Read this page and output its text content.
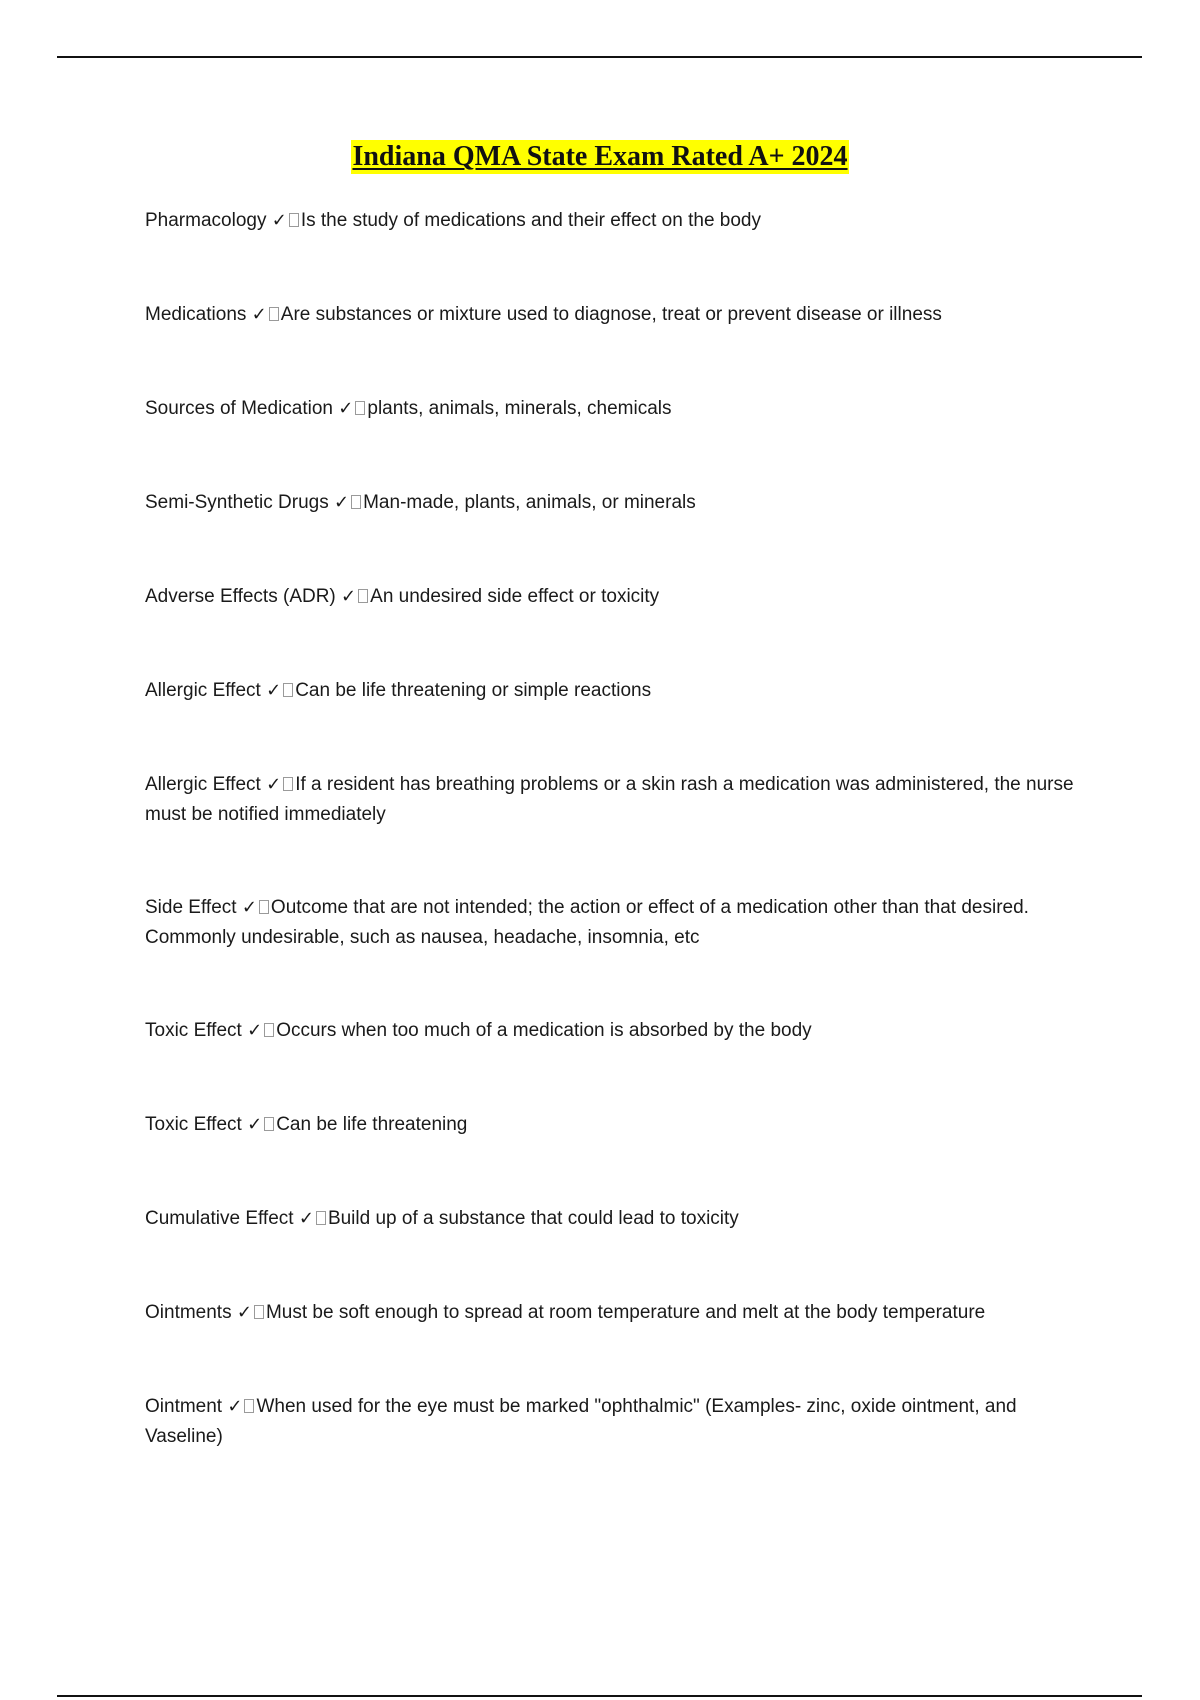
Indiana QMA State Exam Rated A+ 2024

Pharmacology ✓ Is the study of medications and their effect on the body

Medications ✓ Are substances or mixture used to diagnose, treat or prevent disease or illness

Sources of Medication ✓ plants, animals, minerals, chemicals

Semi-Synthetic Drugs ✓ Man-made, plants, animals, or minerals

Adverse Effects (ADR) ✓ An undesired side effect or toxicity

Allergic Effect ✓ Can be life threatening or simple reactions

Allergic Effect ✓ If a resident has breathing problems or a skin rash a medication was administered, the nurse must be notified immediately

Side Effect ✓ Outcome that are not intended; the action or effect of a medication other than that desired. Commonly undesirable, such as nausea, headache, insomnia, etc

Toxic Effect ✓ Occurs when too much of a medication is absorbed by the body

Toxic Effect ✓ Can be life threatening

Cumulative Effect ✓ Build up of a substance that could lead to toxicity

Ointments ✓ Must be soft enough to spread at room temperature and melt at the body temperature

Ointment ✓ When used for the eye must be marked "ophthalmic" (Examples- zinc, oxide ointment, and Vaseline)
